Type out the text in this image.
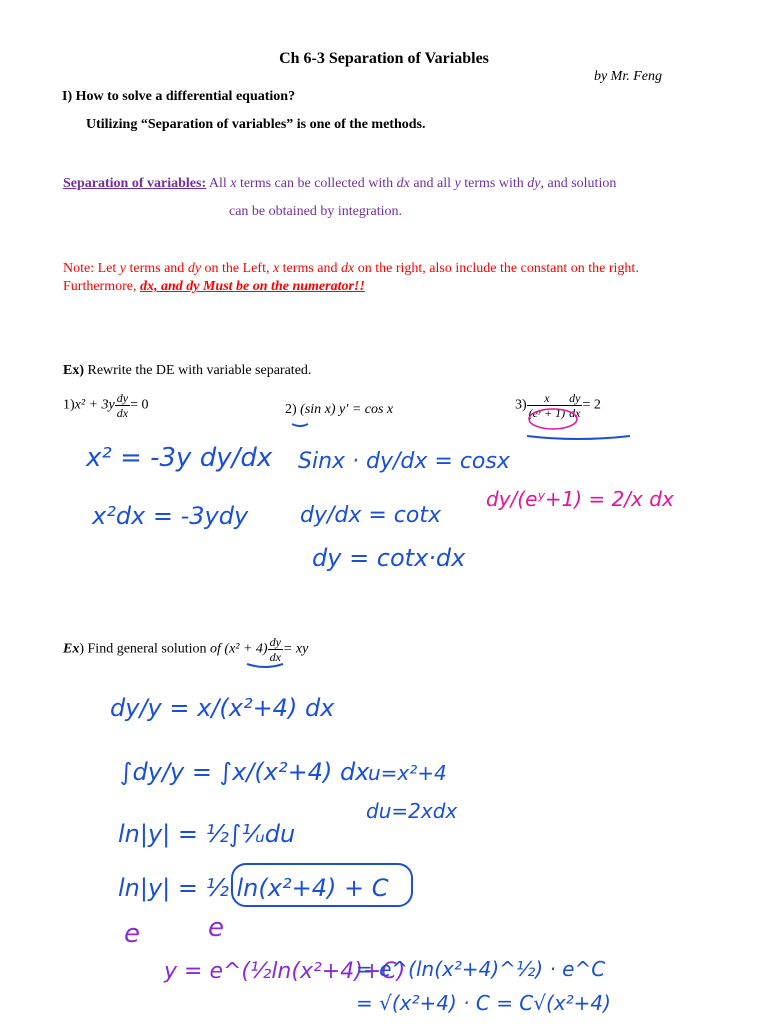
Ch 6-3 Separation of Variables
by Mr. Feng
I) How to solve a differential equation?
Utilizing “Separation of variables” is one of the methods.
Separation of variables: All x terms can be collected with dx and all y terms with dy, and solution
can be obtained by integration.
Note: Let y terms and dy on the Left, x terms and dx on the right, also include the constant on the right.
Furthermore, dx, and dy Must be on the numerator!!
Ex) Rewrite the DE with variable separated.
$1)x^2 + 3y \frac{dy}{dx} = 0$	2) (sin x) y′ = cos x	$3) \frac{x}{\text{(eʸ + 1)}} \frac{dy}{dx} = 2$
Ex) Find general solution of $(x^2 + 4) \frac{dy}{dx}$ = xy
x² = -3y dy/dx
x²dx = -3ydy
Sinx · dy/dx = cosx
dy/dx = cotx
dy = cotx·dx
dy/(eʸ+1) = 2/x dx
dy/y = x/(x²+4) dx
∫dy/y = ∫x/(x²+4) dx
u=x²+4
du=2xdx
ln|y| = ½∫¹⁄ᵤdu
ln|y| = ½ ln(x²+4) + C
e	e
y = e^(½ln(x²+4)+C)
= e^(ln(x²+4)^½) · e^C
= √(x²+4) · C = C√(x²+4)
